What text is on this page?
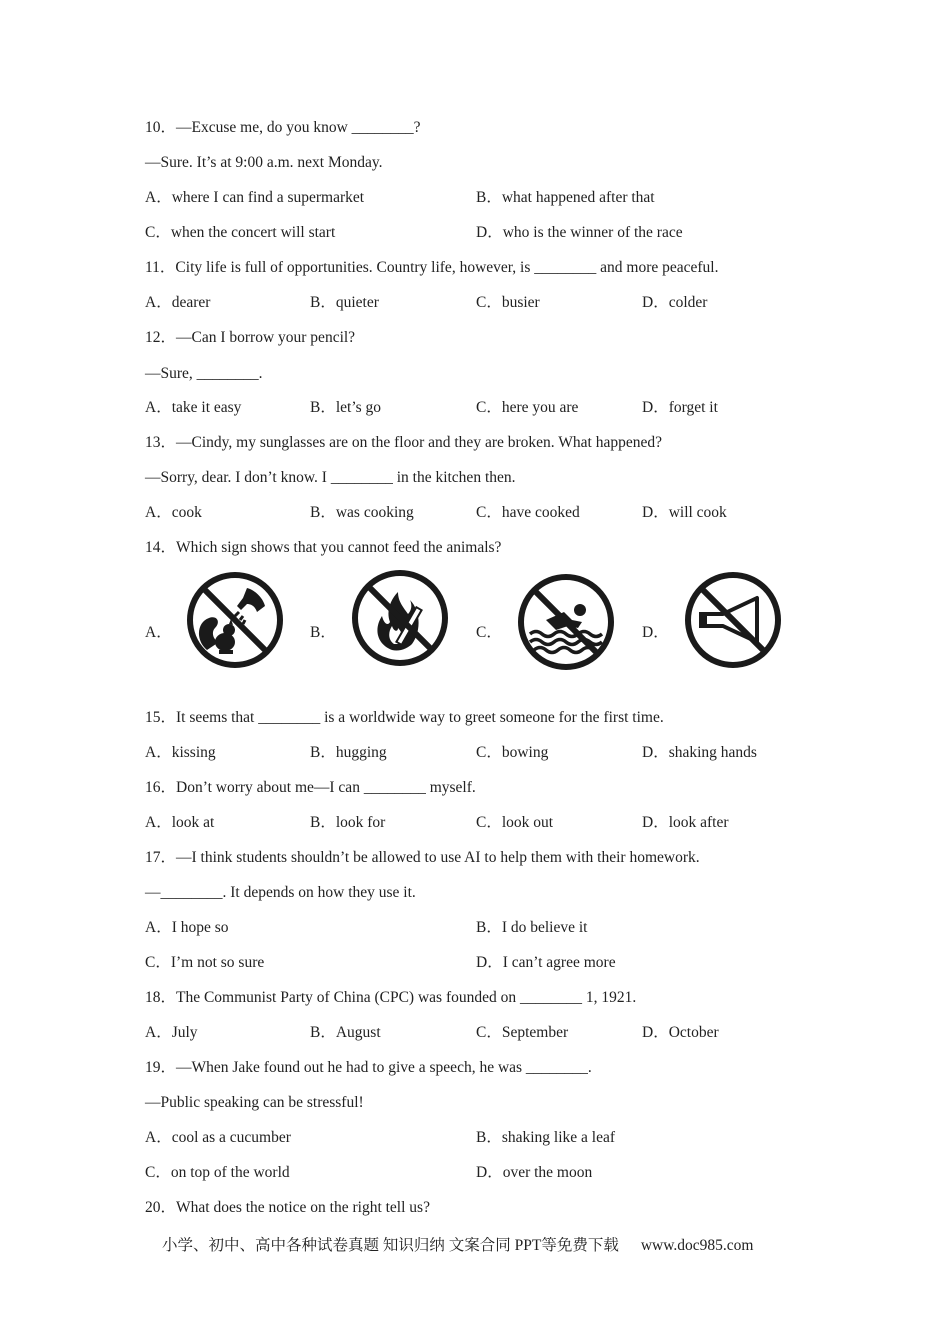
10．—Excuse me, do you know ________?
—Sure. It’s at 9:00 a.m. next Monday.
A．where I can find a supermarket	B．what happened after that
C．when the concert will start	D．who is the winner of the race
11．City life is full of opportunities. Country life, however, is ________ and more peaceful.
A．dearer	B．quieter	C．busier	D．colder
12．—Can I borrow your pencil?
—Sure, ________.
A．take it easy	B．let’s go	C．here you are	D．forget it
13．—Cindy, my sunglasses are on the floor and they are broken. What happened?
—Sorry, dear. I don’t know. I ________ in the kitchen then.
A．cook	B．was cooking	C．have cooked	D．will cook
14．Which sign shows that you cannot feed the animals?
A．	B．	C．	D．
15．It seems that ________ is a worldwide way to greet someone for the first time.
A．kissing	B．hugging	C．bowing	D．shaking hands
16．Don’t worry about me—I can ________ myself.
A．look at	B．look for	C．look out	D．look after
17．—I think students shouldn’t be allowed to use AI to help them with their homework.
—________. It depends on how they use it.
A．I hope so	B．I do believe it
C．I’m not so sure	D．I can’t agree more
18．The Communist Party of China (CPC) was founded on ________ 1, 1921.
A．July	B．August	C．September	D．October
19．—When Jake found out he had to give a speech, he was ________.
—Public speaking can be stressful!
A．cool as a cucumber	B．shaking like a leaf
C．on top of the world	D．over the moon
20．What does the notice on the right tell us?
小学、初中、高中各种试卷真题 知识归纳 文案合同 PPT等免费下载 www.doc985.com
